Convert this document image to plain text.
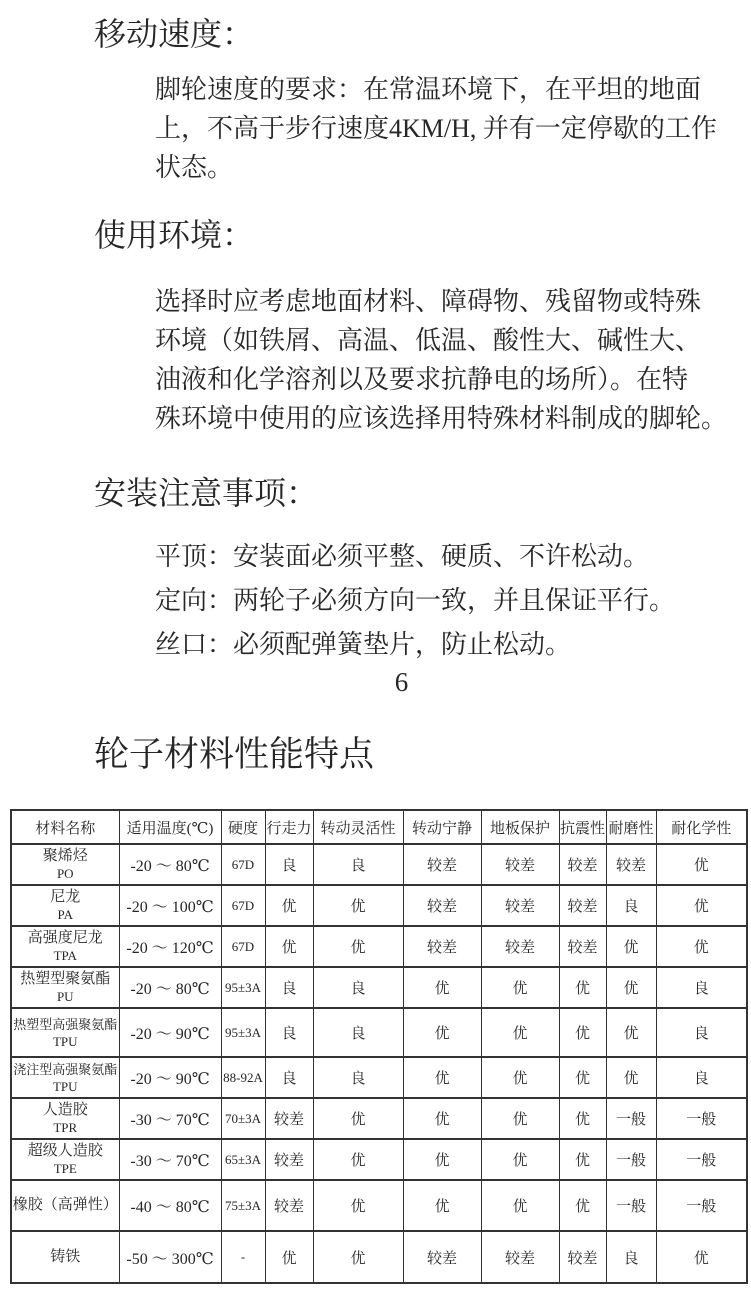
移动速度：
脚轮速度的要求：在常温环境下，在平坦的地面
上，不高于步行速度4KM/H, 并有一定停歇的工作
状态。
使用环境：
选择时应考虑地面材料、障碍物、残留物或特殊
环境（如铁屑、高温、低温、酸性大、碱性大、
油液和化学溶剂以及要求抗静电的场所）。在特
殊环境中使用的应该选择用特殊材料制成的脚轮。
安装注意事项：
平顶：安装面必须平整、硬质、不许松动。
定向：两轮子必须方向一致，并且保证平行。
丝口：必须配弹簧垫片，防止松动。
6
轮子材料性能特点
材料名称	适用温度(℃)	硬度	行走力	转动灵活性	转动宁静	地板保护	抗震性	耐磨性	耐化学性

聚烯烃
PO	-20 ～ 80℃	67D	良	良	较差	较差	较差	较差	优

尼龙
PA	-20 ～ 100℃	67D	优	优	较差	较差	较差	良	优

高强度尼龙
TPA	-20 ～ 120℃	67D	优	优	较差	较差	较差	优	优

热塑型聚氨酯
PU	-20 ～ 80℃	95±3A	良	良	优	优	优	优	良

热塑型高强聚氨酯
TPU	-20 ～ 90℃	95±3A	良	良	优	优	优	优	良

浇注型高强聚氨酯
TPU	-20 ～ 90℃	88-92A	良	良	优	优	优	优	良

人造胶
TPR	-30 ～ 70℃	70±3A	较差	优	优	优	优	一般	一般

超级人造胶
TPE	-30 ～ 70℃	65±3A	较差	优	优	优	优	一般	一般

橡胶（高弹性）	-40 ～ 80℃	75±3A	较差	优	优	优	优	一般	一般

铸铁	-50 ～ 300℃	-	优	优	较差	较差	较差	良	优
